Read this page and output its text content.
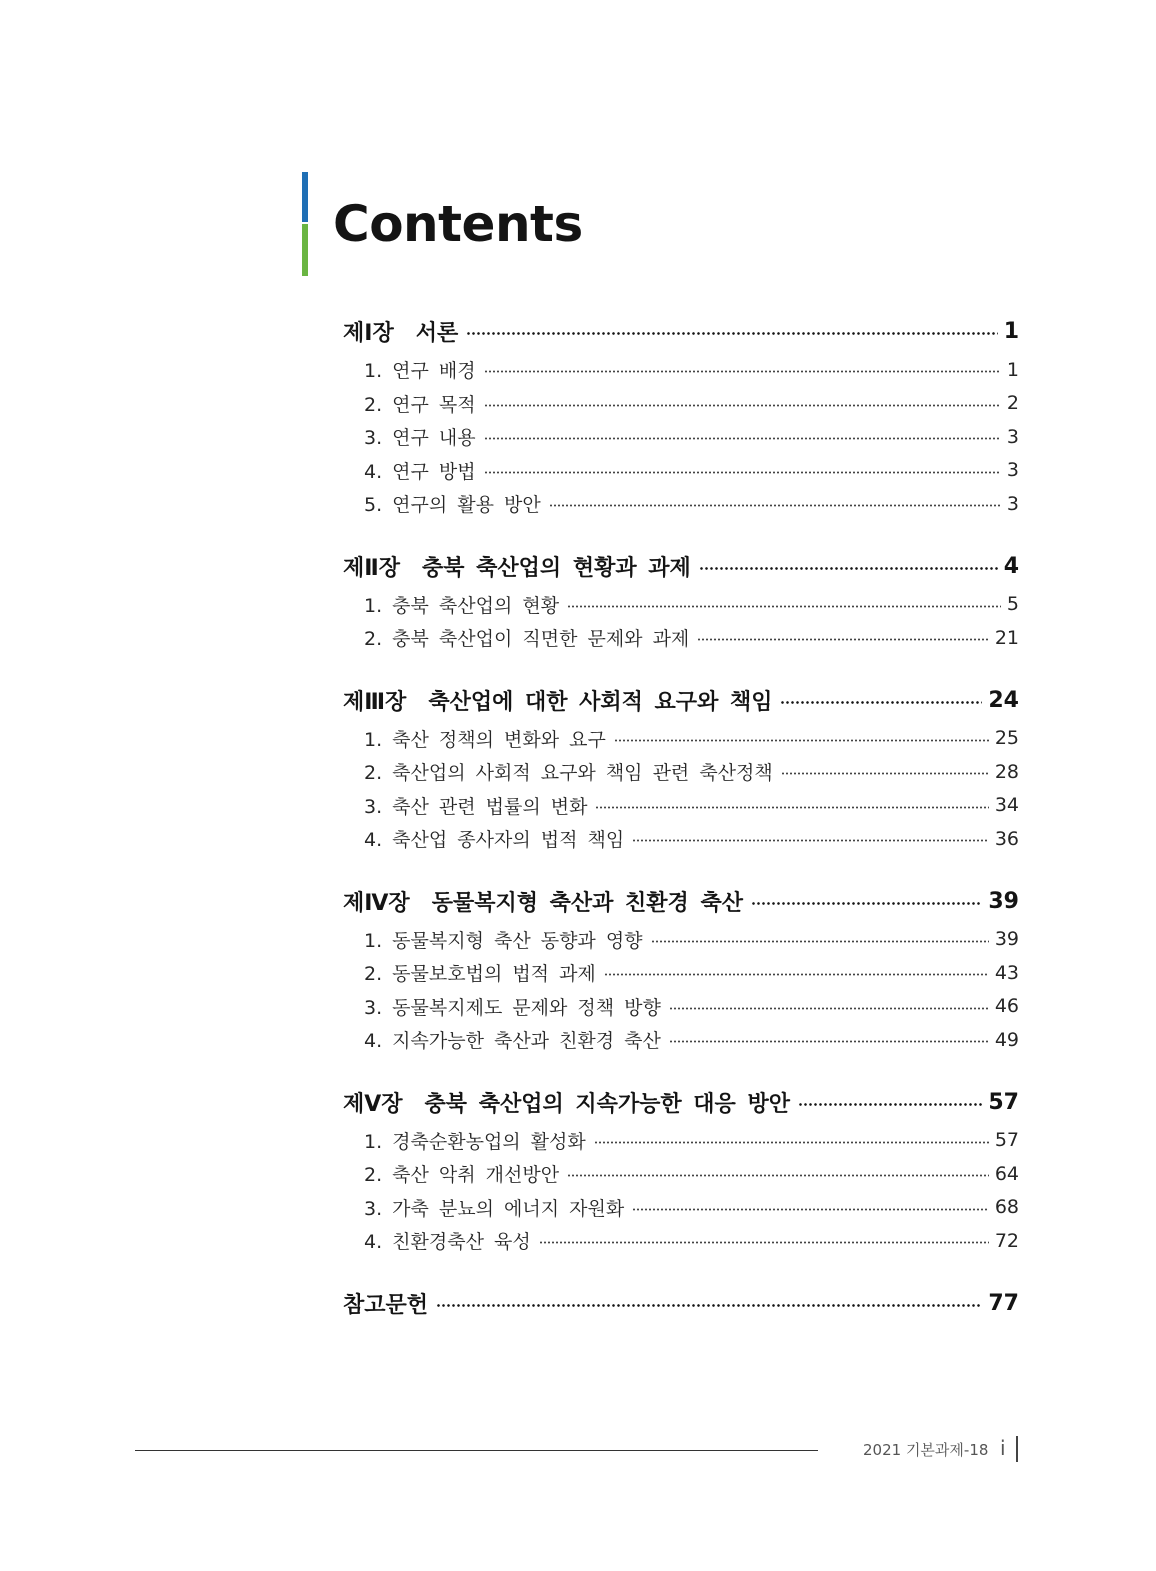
Contents
제Ⅰ장 서론	1
1. 연구 배경	1
2. 연구 목적	2
3. 연구 내용	3
4. 연구 방법	3
5. 연구의 활용 방안	3
제Ⅱ장 충북 축산업의 현황과 과제	4
1. 충북 축산업의 현황	5
2. 충북 축산업이 직면한 문제와 과제	21
제Ⅲ장 축산업에 대한 사회적 요구와 책임	24
1. 축산 정책의 변화와 요구	25
2. 축산업의 사회적 요구와 책임 관련 축산정책	28
3. 축산 관련 법률의 변화	34
4. 축산업 종사자의 법적 책임	36
제Ⅳ장 동물복지형 축산과 친환경 축산	39
1. 동물복지형 축산 동향과 영향	39
2. 동물보호법의 법적 과제	43
3. 동물복지제도 문제와 정책 방향	46
4. 지속가능한 축산과 친환경 축산	49
제Ⅴ장 충북 축산업의 지속가능한 대응 방안	57
1. 경축순환농업의 활성화	57
2. 축산 악취 개선방안	64
3. 가축 분뇨의 에너지 자원화	68
4. 친환경축산 육성	72
참고문헌	77
2021 기본과제-18 i
